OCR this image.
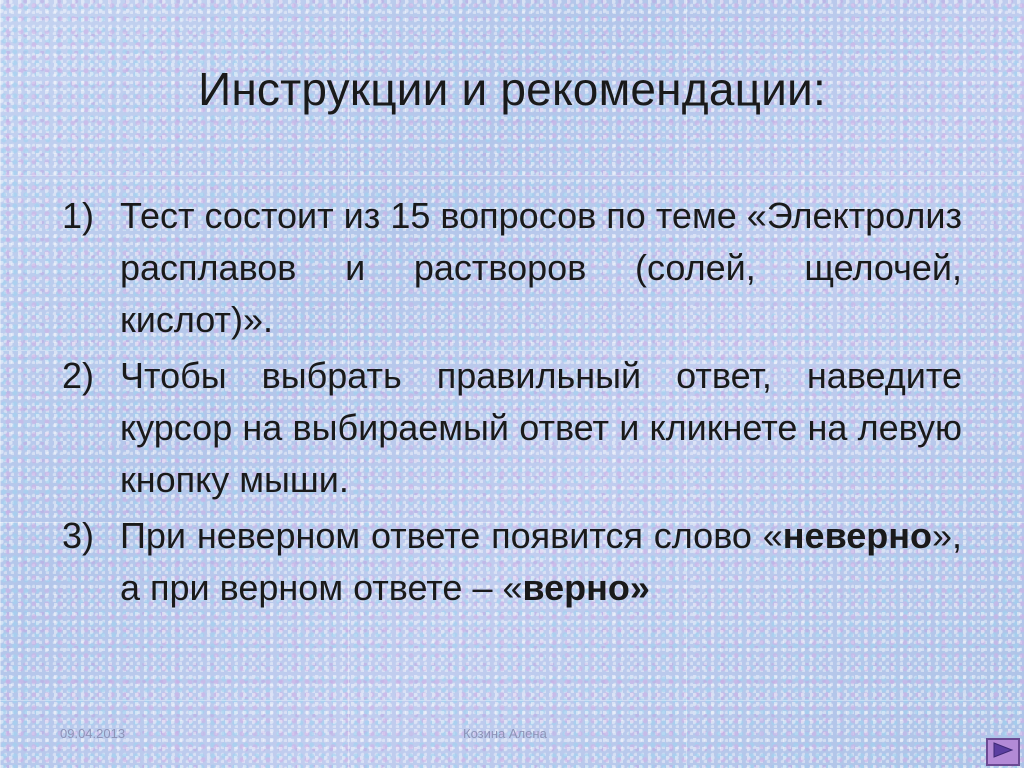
Инструкции и рекомендации:
1) Тест состоит из 15 вопросов по теме «Электролиз расплавов и растворов (солей, щелочей, кислот)».
2) Чтобы выбрать правильный ответ, наведите курсор на выбираемый ответ и кликнете на левую кнопку мыши.
3) При неверном ответе появится слово «неверно», а при верном ответе – «верно»
09.04.2013	Козина Алена
